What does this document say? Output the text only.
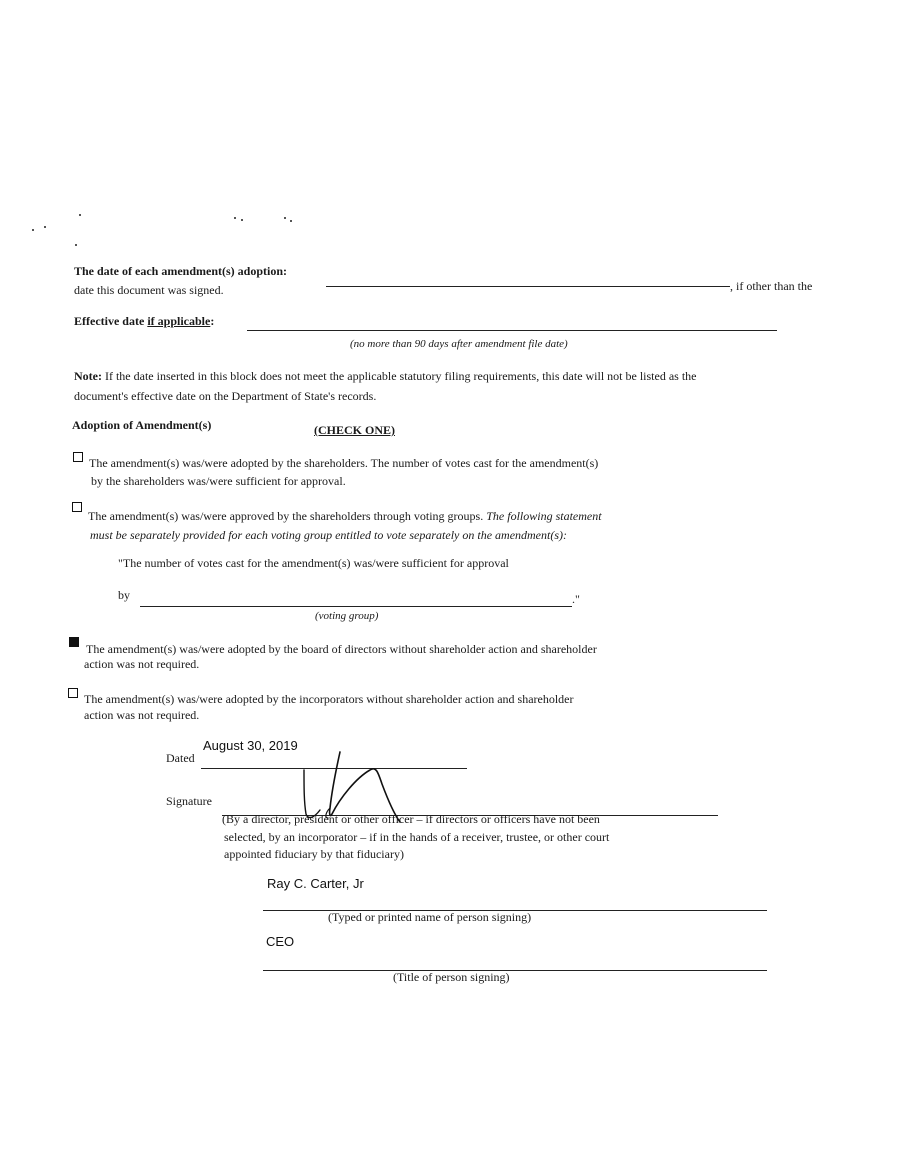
The date of each amendment(s) adoption:
, if other than the
date this document was signed.
Effective date if applicable:
(no more than 90 days after amendment file date)
Note: If the date inserted in this block does not meet the applicable statutory filing requirements, this date will not be listed as the
document's effective date on the Department of State's records.
Adoption of Amendment(s)	(CHECK ONE)
The amendment(s) was/were adopted by the shareholders. The number of votes cast for the amendment(s)
by the shareholders was/were sufficient for approval.
The amendment(s) was/were approved by the shareholders through voting groups. The following statement
must be separately provided for each voting group entitled to vote separately on the amendment(s):
"The number of votes cast for the amendment(s) was/were sufficient for approval
by	."
(voting group)
The amendment(s) was/were adopted by the board of directors without shareholder action and shareholder
action was not required.
The amendment(s) was/were adopted by the incorporators without shareholder action and shareholder
action was not required.
August 30, 2019
Dated
Signature
(By a director, president or other officer – if directors or officers have not been
selected, by an incorporator – if in the hands of a receiver, trustee, or other court
appointed fiduciary by that fiduciary)
Ray C. Carter, Jr
(Typed or printed name of person signing)
CEO
(Title of person signing)
